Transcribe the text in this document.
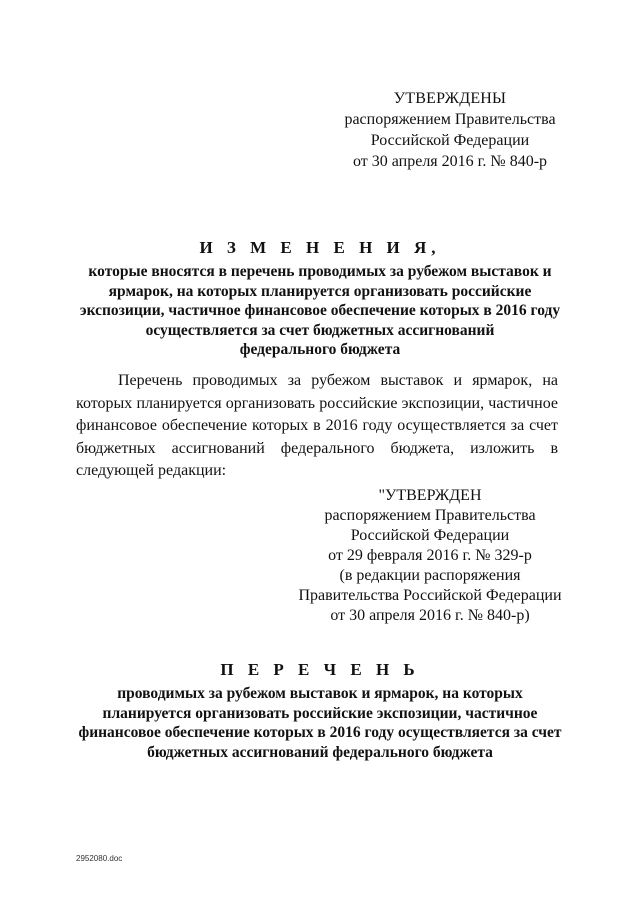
УТВЕРЖДЕНЫ
распоряжением Правительства
Российской Федерации
от 30 апреля 2016 г. № 840-р
И З М Е Н Е Н И Я,
которые вносятся в перечень проводимых за рубежом выставок и
ярмарок, на которых планируется организовать российские
экспозиции, частичное финансовое обеспечение которых в 2016 году
осуществляется за счет бюджетных ассигнований
федерального бюджета
Перечень проводимых за рубежом выставок и ярмарок, на которых планируется организовать российские экспозиции, частичное финансовое обеспечение которых в 2016 году осуществляется за счет бюджетных ассигнований федерального бюджета, изложить в следующей редакции:
"УТВЕРЖДЕН
распоряжением Правительства
Российской Федерации
от 29 февраля 2016 г. № 329-р
(в редакции распоряжения
Правительства Российской Федерации
от 30 апреля 2016 г. № 840-р)
П Е Р Е Ч Е Н Ь
проводимых за рубежом выставок и ярмарок, на которых
планируется организовать российские экспозиции, частичное
финансовое обеспечение которых в 2016 году осуществляется за счет
бюджетных ассигнований федерального бюджета
2952080.doc
